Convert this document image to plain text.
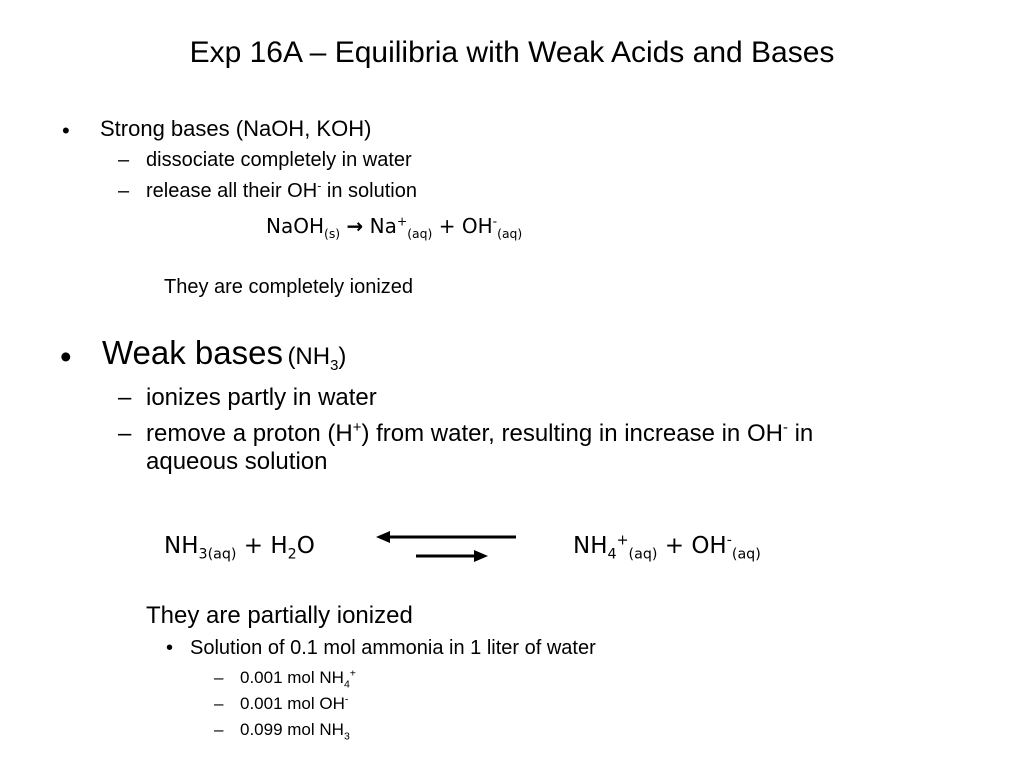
Exp 16A – Equilibria with Weak Acids and Bases
• Strong bases (NaOH, KOH)
– dissociate completely in water
– release all their OH- in solution
NaOH$_{(s)}$ → $Na^+_{(aq)} + OH^-_{(aq)}$
They are completely ionized
• Weak bases $(NH_3)$
– ionizes partly in water
– remove a proton (H+) from water, resulting in increase in OH- in
aqueous solution
$NH_{3(aq)} + H_2O$	$NH_4^+_{(aq)} + OH^-_{(aq)}$
They are partially ionized
• Solution of 0.1 mol ammonia in 1 liter of water
– 0.001 mol $NH_4^+$
– 0.001 mol OH-
– 0.099 mol $NH_3$
